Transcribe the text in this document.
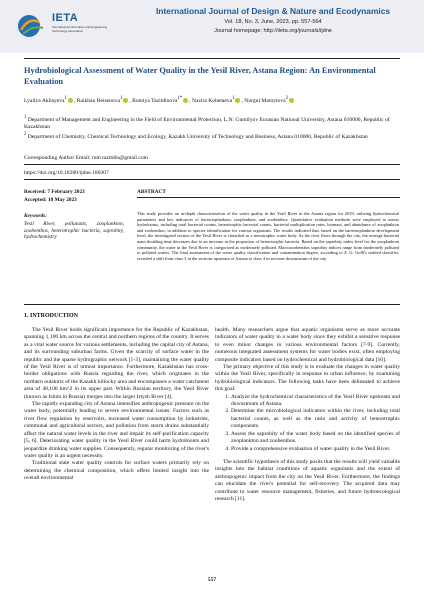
IETA
International Information and Engineering Technology Association
International Journal of Design & Nature and Ecodynamics
Vol. 18, No. 3, June, 2023, pp. 557-564
Journal homepage: http://iieta.org/journals/ijdne
Hydrobiological Assessment of Water Quality in the Yesil River, Astana Region: An Environmental Evaluation
Lyailya Akbayeva$^1$ , Raikhan Beisenova$^1$ , Rumiya Tazitdinova$^{1*}$ , Nazira Kobetaeva$^1$ , Nurgul Mamytova$^2$
$^1$ Department of Management and Engineering in the Field of Environmental Protection, L.N. Gumilyov Eurasian National University, Astana 010000, Republic of Kazakhstan
$^2$ Department of Chemistry, Chemical Technology and Ecology, Kazakh University of Technology and Business, Astana 010000, Republic of Kazakhstan
Corresponding Author Email: rum.tazitdin@gmail.com
https://doi.org/10.18280/ijdne.180307
Received: 7 February 2023
Accepted: 10 May 2023
Keywords:
Yesil River, pollutants, zooplankton, zoobenthos, heterotrophic bacteria, saprobity, hydrochemistry
ABSTRACT
This study provides an in-depth characterization of the water quality in the Yesil River in the Astana region for 2019, utilizing hydrochemical parameters and key indicators of bacterioplankton, zooplankton, and zoobenthos. Quantitative evaluation methods were employed to assess hydrobionts, including total bacterial counts, heterotrophic bacterial counts, bacterial multiplication rates, biomass, and abundance of zooplankton and zoobenthos, in addition to species identification for various organisms. The results indicated that, based on the bacterioplankton development level, the investigated section of the Yesil River is classified as a mesotrophic water body. As the river flows through the city, the average bacterial mass doubling time decreases due to an increase in the proportion of heterotrophic bacteria. Based on the saprobity index level for the zooplankton community, the water in the Yesil River is categorized as moderately polluted. Macrozoobenthos saprobity indices range from moderately polluted to polluted waters. The final assessment of the water quality classification and contamination degree, according to Z. G. Gollf's unified classifier, revealed a shift from class 3 in the sections upstream of Astana to class 4 in sections downstream of the city.
1. INTRODUCTION

The Yesil River holds significant importance for the Republic of Kazakhstan, spanning 1,100 km across the central and northern regions of the country. It serves as a vital water source for various settlements, including the capital city of Astana, and its surrounding suburban farms. Given the scarcity of surface water in the republic and the sparse hydrographic network [1-3], maintaining the water quality of the Yesil River is of utmost importance. Furthermore, Kazakhstan has cross-border obligations with Russia regarding the river, which originates in the northern outskirts of the Kazakh hillocky area and encompasses a water catchment area of 48,100 km^2 in its upper part. Within Russian territory, the Yesil River (known as Ishim in Russia) merges into the larger Irtysh River [4].

The rapidly expanding city of Astana intensifies anthropogenic pressure on the water body, potentially leading to severe environmental issues. Factors such as river flow regulation by reservoirs, increased water consumption by industries, communal and agricultural sectors, and pollution from storm drains substantially affect the natural water levels in the river and impair its self-purification capacity [5, 6]. Deteriorating water quality in the Yesil River could harm hydrobionts and jeopardize drinking water supplies. Consequently, regular monitoring of the river's water quality is an urgent necessity.

Traditional state water quality controls for surface waters primarily rely on determining the chemical composition, which offers limited insight into the overall environmental

health. Many researchers argue that aquatic organisms serve as more accurate indicators of water quality in a water body since they exhibit a sensitive response to even minor changes in various environmental factors [7-9]. Currently, numerous integrated assessment systems for water bodies exist, often employing composite indicators based on hydrochemical and hydrobiological data [10].

The primary objective of this study is to evaluate the changes in water quality within the Yesil River, specifically in response to urban influence, by examining hydrobiological indicators. The following tasks have been delineated to achieve this goal:

1. Analyze the hydrochemical characteristics of the Yesil River upstream and downstream of Astana.
2. Determine the microbiological indicators within the river, including total bacterial counts, as well as the ratio and activity of heterotrophic components.
3. Assess the saprobity of the water body based on the identified species of zooplankton and zoobenthos.
4. Provide a comprehensive evaluation of water quality in the Yesil River.

The scientific hypothesis of this study posits that the results will yield valuable insights into the habitat conditions of aquatic organisms and the extent of anthropogenic impact from the city on the Yesil River. Furthermore, the findings can elucidate the river's potential for self-recovery. The acquired data may contribute to water resource management, fisheries, and future hydroecological research [11].

557
